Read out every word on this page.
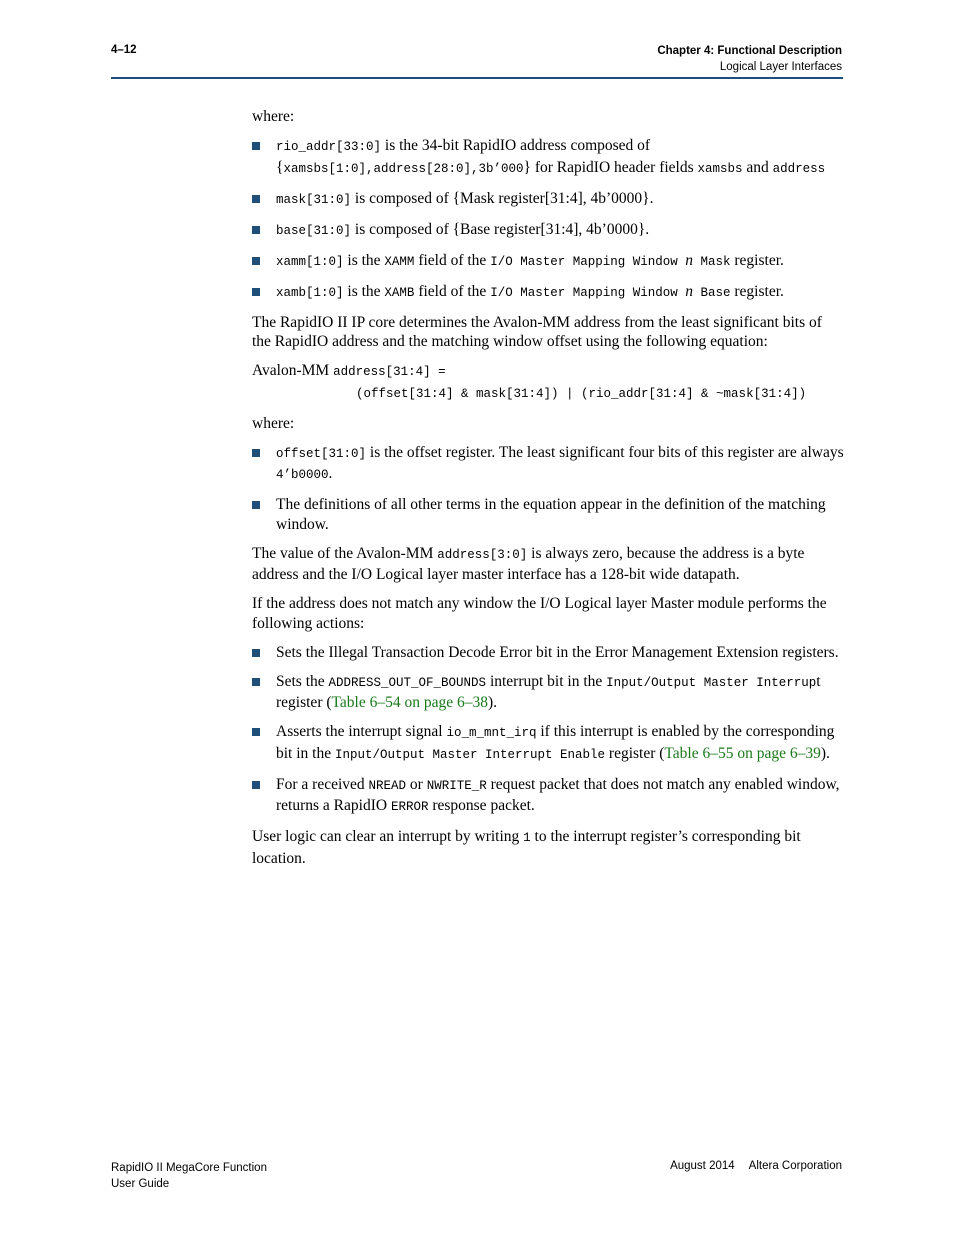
4–12	Chapter 4: Functional Description
Logical Layer Interfaces

where:

rio_addr[33:0] is the 34-bit RapidIO address composed of {xamsbs[1:0],address[28:0],3b’000} for RapidIO header fields xamsbs and address
mask[31:0] is composed of {Mask register[31:4], 4b’0000}.
base[31:0] is composed of {Base register[31:4], 4b’0000}.
xamm[1:0] is the XAMM field of the I/O Master Mapping Window n Mask register.
xamb[1:0] is the XAMB field of the I/O Master Mapping Window n Base register.

The RapidIO II IP core determines the Avalon-MM address from the least significant bits of the RapidIO address and the matching window offset using the following equation:

Avalon-MM address[31:4] =

(offset[31:4] & mask[31:4]) | (rio_addr[31:4] & ~mask[31:4])

where:

offset[31:0] is the offset register. The least significant four bits of this register are always 4’b0000.
The definitions of all other terms in the equation appear in the definition of the matching window.

The value of the Avalon-MM address[3:0] is always zero, because the address is a byte address and the I/O Logical layer master interface has a 128-bit wide datapath.

If the address does not match any window the I/O Logical layer Master module performs the following actions:

Sets the Illegal Transaction Decode Error bit in the Error Management Extension registers.
Sets the ADDRESS_OUT_OF_BOUNDS interrupt bit in the Input/Output Master Interrupt register (Table 6–54 on page 6–38).
Asserts the interrupt signal io_m_mnt_irq if this interrupt is enabled by the corresponding bit in the Input/Output Master Interrupt Enable register (Table 6–55 on page 6–39).
For a received NREAD or NWRITE_R request packet that does not match any enabled window, returns a RapidIO ERROR response packet.

User logic can clear an interrupt by writing 1 to the interrupt register’s corresponding bit location.

RapidIO II MegaCore Function
User Guide
August 2014 Altera Corporation
